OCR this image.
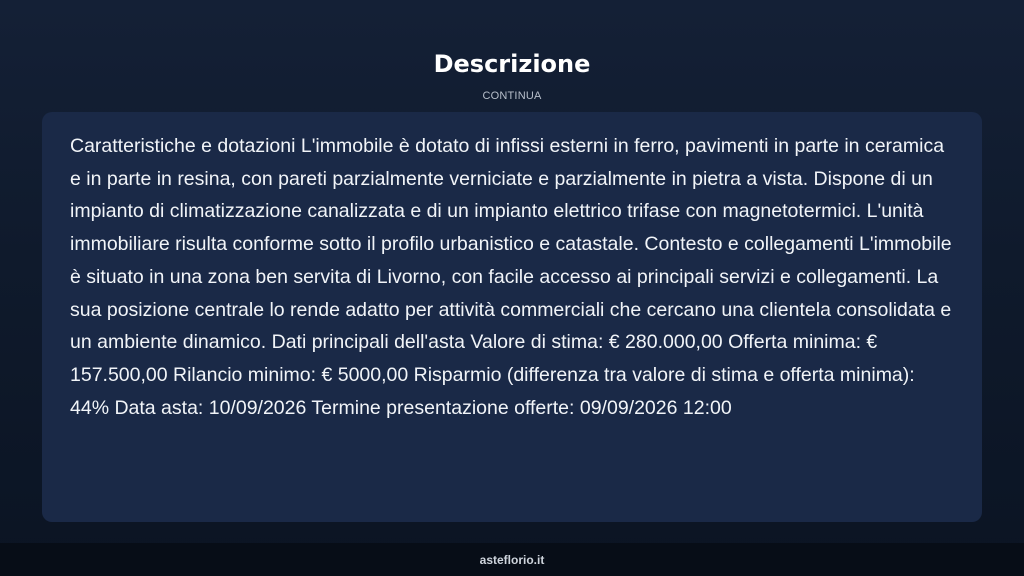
Descrizione
CONTINUA

Caratteristiche e dotazioni L'immobile è dotato di infissi esterni in ferro, pavimenti in parte in ceramica e in parte in resina, con pareti parzialmente verniciate e parzialmente in pietra a vista. Dispone di un impianto di climatizzazione canalizzata e di un impianto elettrico trifase con magnetotermici. L'unità immobiliare risulta conforme sotto il profilo urbanistico e catastale. Contesto e collegamenti L'immobile è situato in una zona ben servita di Livorno, con facile accesso ai principali servizi e collegamenti. La sua posizione centrale lo rende adatto per attività commerciali che cercano una clientela consolidata e un ambiente dinamico. Dati principali dell'asta Valore di stima: € 280.000,00 Offerta minima: € 157.500,00 Rilancio minimo: € 5000,00 Risparmio (differenza tra valore di stima e offerta minima): 44% Data asta: 10/09/2026 Termine presentazione offerte: 09/09/2026 12:00

asteflorio.it
